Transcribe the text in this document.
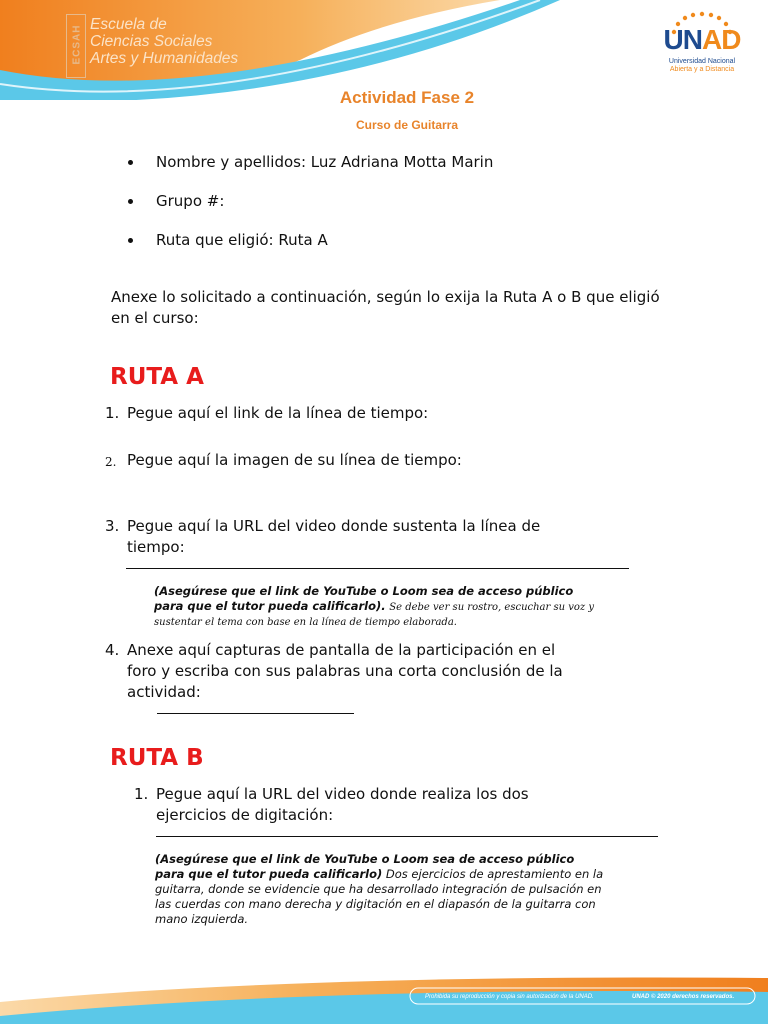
ECSAH Escuela de
Ciencias Sociales
Artes y Humanidades
UNAD
Universidad Nacional
Abierta y a Distancia
Actividad Fase 2
Curso de Guitarra
Nombre y apellidos: Luz Adriana Motta Marin
Grupo #:
Ruta que eligió: Ruta A
Anexe lo solicitado a continuación, según lo exija la Ruta A o B que eligió en el curso:
RUTA A
1. Pegue aquí el link de la línea de tiempo:
2. Pegue aquí la imagen de su línea de tiempo:
3. Pegue aquí la URL del video donde sustenta la línea de
tiempo:
(Asegúrese que el link de YouTube o Loom sea de acceso público
para que el tutor pueda calificarlo). Se debe ver su rostro, escuchar su voz y
sustentar el tema con base en la línea de tiempo elaborada.
4. Anexe aquí capturas de pantalla de la participación en el
foro y escriba con sus palabras una corta conclusión de la
actividad:
RUTA B
1. Pegue aquí la URL del video donde realiza los dos
ejercicios de digitación:
(Asegúrese que el link de YouTube o Loom sea de acceso público
para que el tutor pueda calificarlo) Dos ejercicios de aprestamiento en la
guitarra, donde se evidencie que ha desarrollado integración de pulsación en
las cuerdas con mano derecha y digitación en el diapasón de la guitarra con
mano izquierda.
Prohibida su reproducción y copia sin autorización de la UNAD.	UNAD © 2020 derechos reservados.
